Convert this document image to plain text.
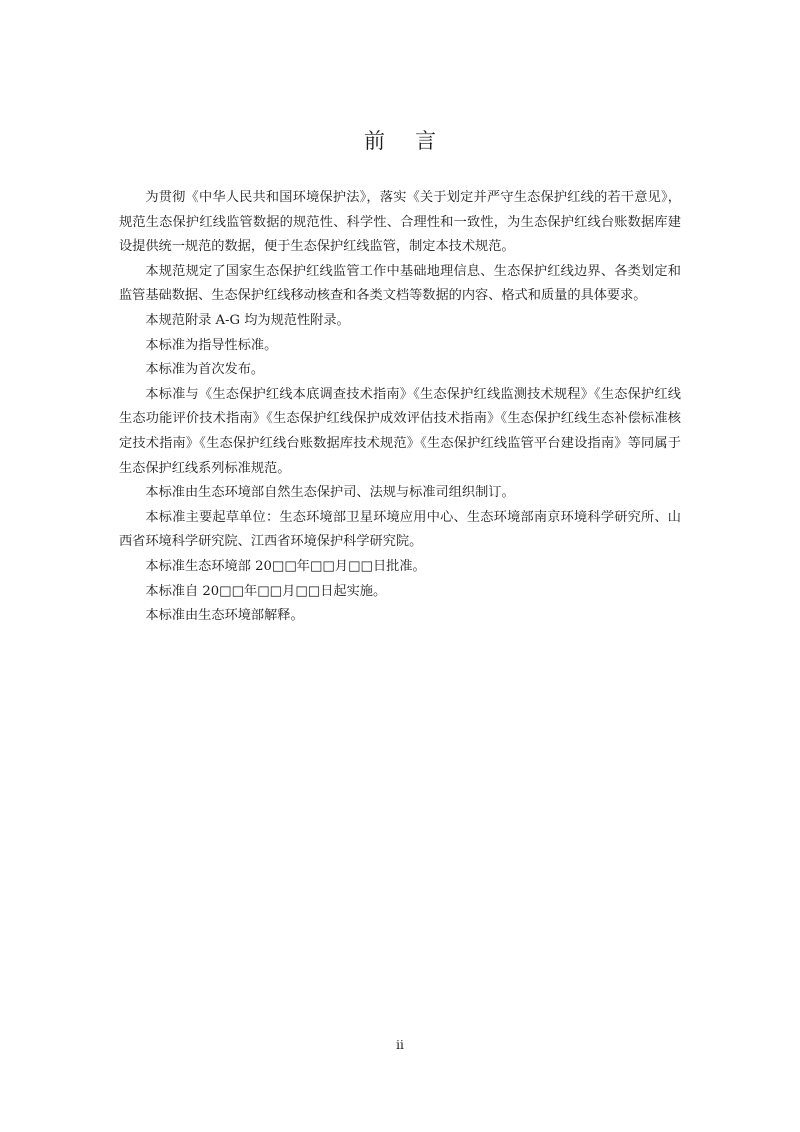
前言

为贯彻《中华人民共和国环境保护法》，落实《关于划定并严守生态保护红线的若干意见》，规范生态保护红线监管数据的规范性、科学性、合理性和一致性，为生态保护红线台账数据库建设提供统一规范的数据，便于生态保护红线监管，制定本技术规范。

本规范规定了国家生态保护红线监管工作中基础地理信息、生态保护红线边界、各类划定和监管基础数据、生态保护红线移动核查和各类文档等数据的内容、格式和质量的具体要求。

本规范附录 A-G 均为规范性附录。

本标准为指导性标准。

本标准为首次发布。

本标准与《生态保护红线本底调查技术指南》《生态保护红线监测技术规程》《生态保护红线生态功能评价技术指南》《生态保护红线保护成效评估技术指南》《生态保护红线生态补偿标准核定技术指南》《生态保护红线台账数据库技术规范》《生态保护红线监管平台建设指南》等同属于生态保护红线系列标准规范。

本标准由生态环境部自然生态保护司、法规与标准司组织制订。

本标准主要起草单位：生态环境部卫星环境应用中心、生态环境部南京环境科学研究所、山西省环境科学研究院、江西省环境保护科学研究院。

本标准生态环境部 20□□年□□月□□日批准。

本标准自 20□□年□□月□□日起实施。

本标准由生态环境部解释。

ii
